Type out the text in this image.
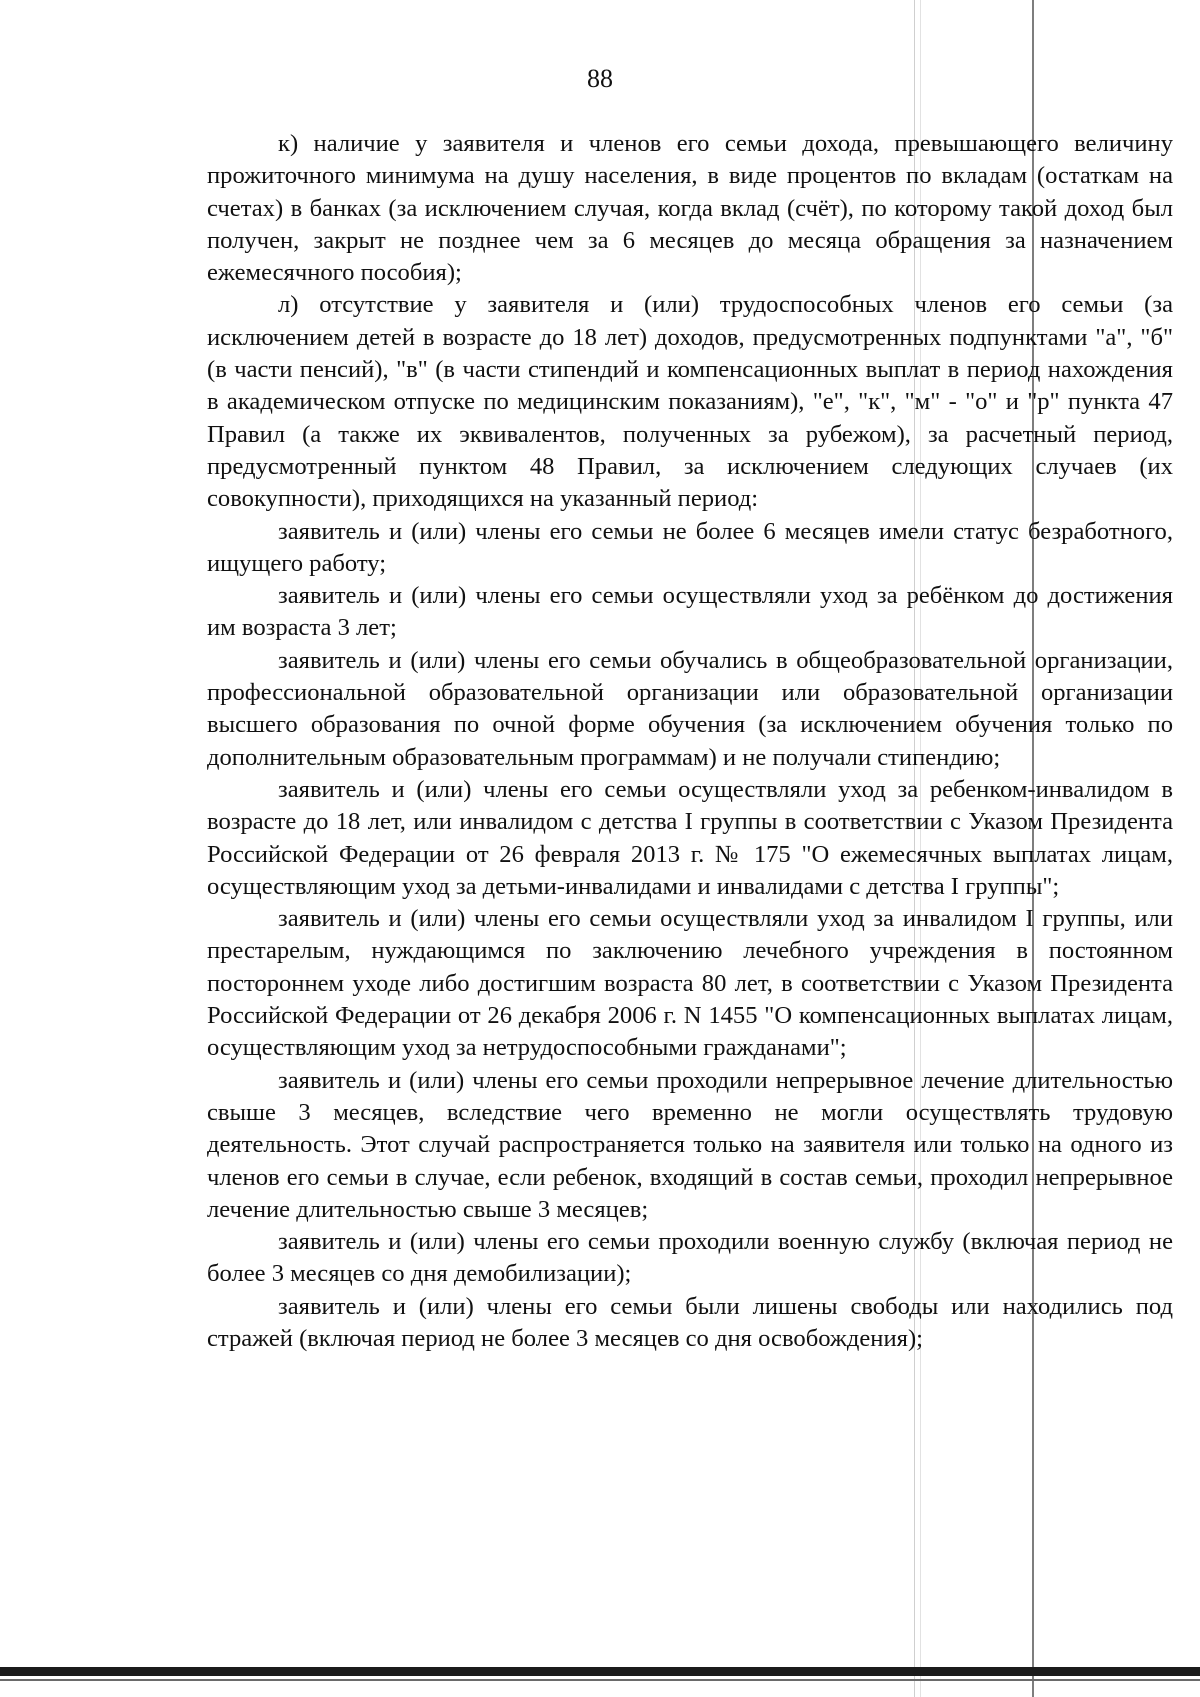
88

к) наличие у заявителя и членов его семьи дохода, превышающего величину прожиточного минимума на душу населения, в виде процентов по вкладам (остаткам на счетах) в банках (за исключением случая, когда вклад (счёт), по которому такой доход был получен, закрыт не позднее чем за 6 месяцев до месяца обращения за назначением ежемесячного пособия);

л) отсутствие у заявителя и (или) трудоспособных членов его семьи (за исключением детей в возрасте до 18 лет) доходов, предусмотренных подпунктами "а", "б" (в части пенсий), "в" (в части стипендий и компенсационных выплат в период нахождения в академическом отпуске по медицинским показаниям), "е", "к", "м" - "о" и "р" пункта 47 Правил (а также их эквивалентов, полученных за рубежом), за расчетный период, предусмотренный пунктом 48 Правил, за исключением следующих случаев (их совокупности), приходящихся на указанный период:

заявитель и (или) члены его семьи не более 6 месяцев имели статус безработного, ищущего работу;

заявитель и (или) члены его семьи осуществляли уход за ребёнком до достижения им возраста 3 лет;

заявитель и (или) члены его семьи обучались в общеобразовательной организации, профессиональной образовательной организации или образовательной организации высшего образования по очной форме обучения (за исключением обучения только по дополнительным образовательным программам) и не получали стипендию;

заявитель и (или) члены его семьи осуществляли уход за ребенком-инвалидом в возрасте до 18 лет, или инвалидом с детства I группы в соответствии с Указом Президента Российской Федерации от 26 февраля 2013 г. № 175 "О ежемесячных выплатах лицам, осуществляющим уход за детьми-инвалидами и инвалидами с детства I группы";

заявитель и (или) члены его семьи осуществляли уход за инвалидом I группы, или престарелым, нуждающимся по заключению лечебного учреждения в постоянном постороннем уходе либо достигшим возраста 80 лет, в соответствии с Указом Президента Российской Федерации от 26 декабря 2006 г. N 1455 "О компенсационных выплатах лицам, осуществляющим уход за нетрудоспособными гражданами";

заявитель и (или) члены его семьи проходили непрерывное лечение длительностью свыше 3 месяцев, вследствие чего временно не могли осуществлять трудовую деятельность. Этот случай распространяется только на заявителя или только на одного из членов его семьи в случае, если ребенок, входящий в состав семьи, проходил непрерывное лечение длительностью свыше 3 месяцев;

заявитель и (или) члены его семьи проходили военную службу (включая период не более 3 месяцев со дня демобилизации);

заявитель и (или) члены его семьи были лишены свободы или находились под стражей (включая период не более 3 месяцев со дня освобождения);
